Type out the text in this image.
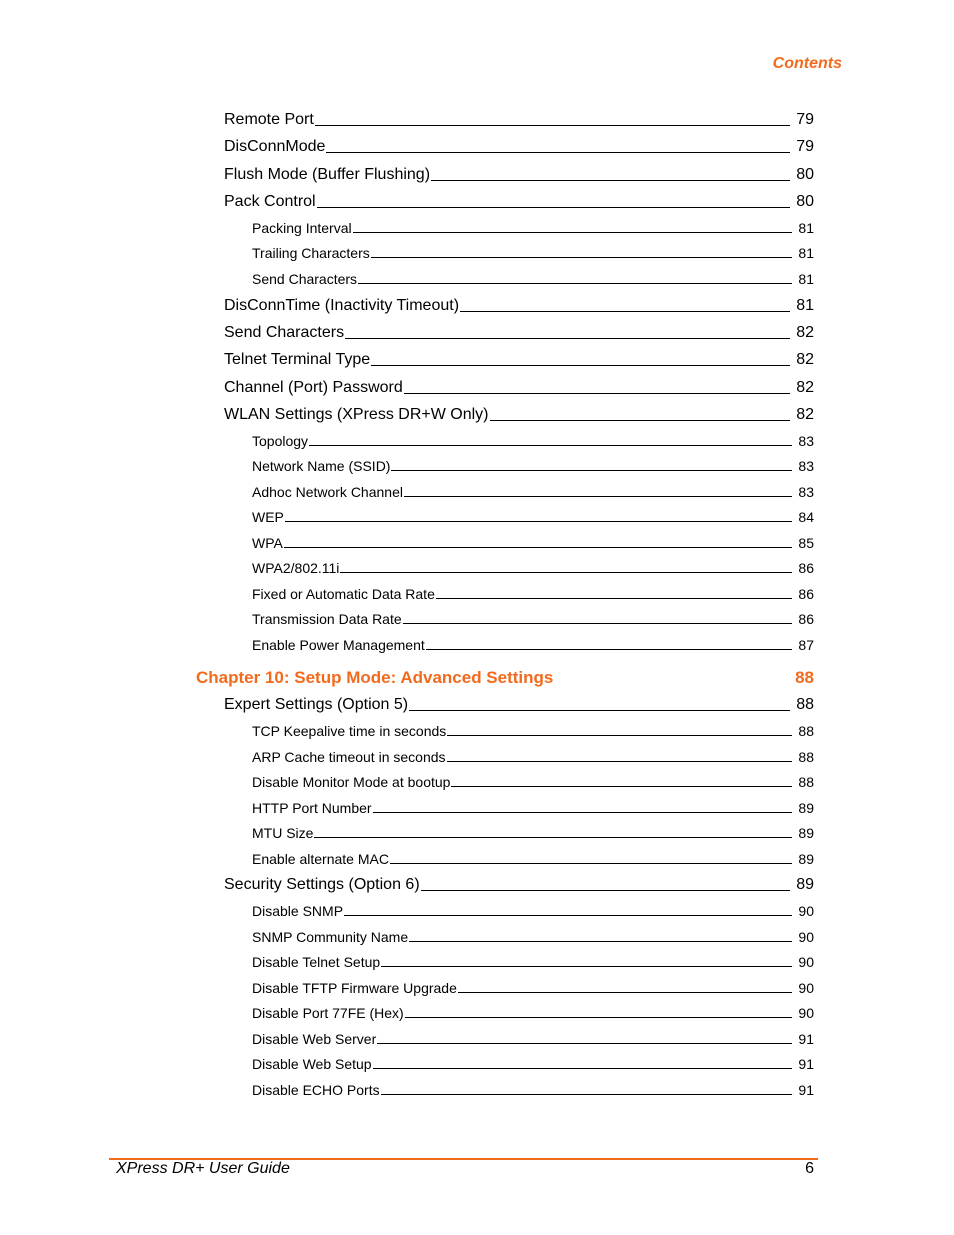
Contents
Remote Port	79
DisConnMode	79
Flush Mode (Buffer Flushing)	80
Pack Control	80
Packing Interval	81
Trailing Characters	81
Send Characters	81
DisConnTime (Inactivity Timeout)	81
Send Characters	82
Telnet Terminal Type	82
Channel (Port) Password	82
WLAN Settings (XPress DR+W Only)	82
Topology	83
Network Name (SSID)	83
Adhoc Network Channel	83
WEP	84
WPA	85
WPA2/802.11i	86
Fixed or Automatic Data Rate	86
Transmission Data Rate	86
Enable Power Management	87
Chapter 10: Setup Mode: Advanced Settings	88
Expert Settings (Option 5)	88
TCP Keepalive time in seconds	88
ARP Cache timeout in seconds	88
Disable Monitor Mode at bootup	88
HTTP Port Number	89
MTU Size	89
Enable alternate MAC	89
Security Settings (Option 6)	89
Disable SNMP	90
SNMP Community Name	90
Disable Telnet Setup	90
Disable TFTP Firmware Upgrade	90
Disable Port 77FE (Hex)	90
Disable Web Server	91
Disable Web Setup	91
Disable ECHO Ports	91
XPress DR+ User Guide	6
